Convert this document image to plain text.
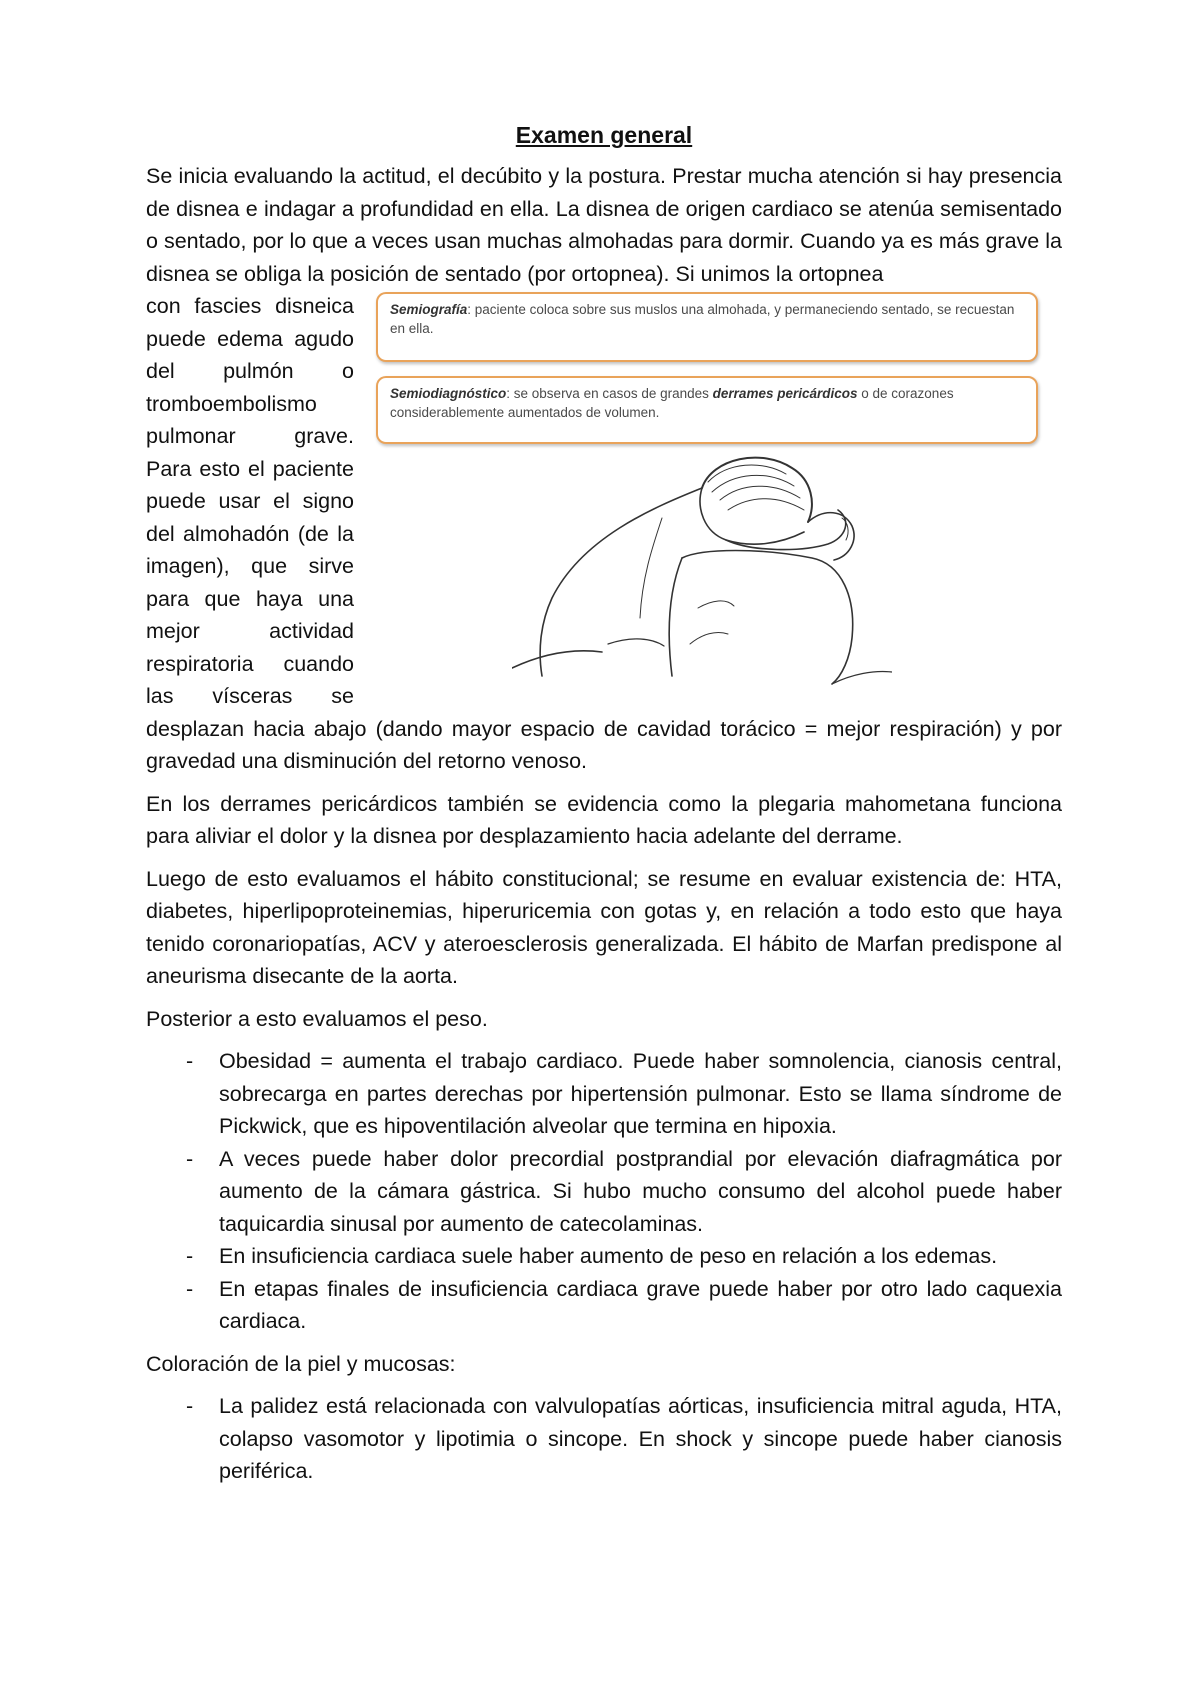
Examen general

Se inicia evaluando la actitud, el decúbito y la postura. Prestar mucha atención si hay presencia de disnea e indagar a profundidad en ella. La disnea de origen cardiaco se atenúa semisentado o sentado, por lo que a veces usan muchas almohadas para dormir. Cuando ya es más grave la disnea se obliga la posición de sentado (por ortopnea). Si unimos la ortopnea

con fascies disneica
puede edema agudo
del pulmón o
tromboembolismo
pulmonar grave.
Para esto el paciente
puede usar el signo
del almohadón (de la
imagen), que sirve
para que haya una
mejor actividad
respiratoria cuando
las vísceras se
Semiografía: paciente coloca sobre sus muslos una almohada, y permaneciendo sentado, se recuestan en ella.
Semiodiagnóstico: se observa en casos de grandes derrames pericárdicos o de corazones considerablemente aumentados de volumen.

desplazan hacia abajo (dando mayor espacio de cavidad torácico = mejor respiración) y por gravedad una disminución del retorno venoso.

En los derrames pericárdicos también se evidencia como la plegaria mahometana funciona para aliviar el dolor y la disnea por desplazamiento hacia adelante del derrame.

Luego de esto evaluamos el hábito constitucional; se resume en evaluar existencia de: HTA, diabetes, hiperlipoproteinemias, hiperuricemia con gotas y, en relación a todo esto que haya tenido coronariopatías, ACV y ateroesclerosis generalizada. El hábito de Marfan predispone al aneurisma disecante de la aorta.

Posterior a esto evaluamos el peso.

- Obesidad = aumenta el trabajo cardiaco. Puede haber somnolencia, cianosis central, sobrecarga en partes derechas por hipertensión pulmonar. Esto se llama síndrome de Pickwick, que es hipoventilación alveolar que termina en hipoxia.
- A veces puede haber dolor precordial postprandial por elevación diafragmática por aumento de la cámara gástrica. Si hubo mucho consumo del alcohol puede haber taquicardia sinusal por aumento de catecolaminas.
- En insuficiencia cardiaca suele haber aumento de peso en relación a los edemas.
- En etapas finales de insuficiencia cardiaca grave puede haber por otro lado caquexia cardiaca.

Coloración de la piel y mucosas:

- La palidez está relacionada con valvulopatías aórticas, insuficiencia mitral aguda, HTA, colapso vasomotor y lipotimia o sincope. En shock y sincope puede haber cianosis periférica.
